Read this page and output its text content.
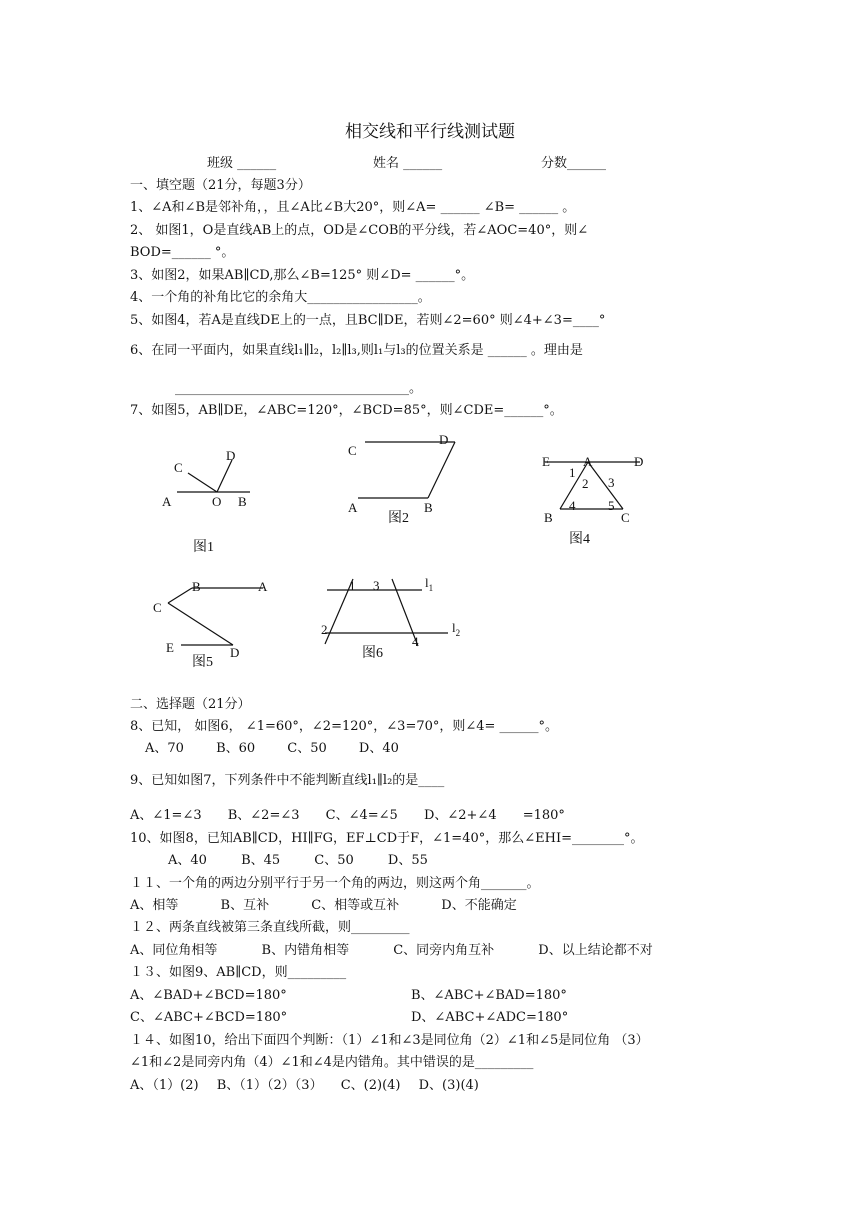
相交线和平行线测试题
班级 ______	姓名 ______	分数______
一、填空题（21分，每题3分）
1、∠A和∠B是邻补角，，且∠A比∠B大20°，则∠A= ______ ∠B= ______ 。
2、 如图1，O是直线AB上的点，OD是∠COB的平分线，若∠AOC=40°，则∠
BOD=______ °。
3、如图2，如果AB∥CD,那么∠B=125° 则∠D= ______°。
4、一个角的补角比它的余角大_________________。
5、如图4，若A是直线DE上的一点，且BC∥DE，若则∠2=60° 则∠4+∠3=____°
6、在同一平面内，如果直线l₁∥l₂，l₂∥l₃,则l₁与l₃的位置关系是 ______ 。理由是
____________________________________。
7、如图5，AB∥DE，∠ABC=120°，∠BCD=85°，则∠CDE=______°。
C
D
A	O B
图1
C
D
A	B
图2
E	A	D
1
2 3
4	5
B	C
图4
B	A
C
E	D
图5
1 3	$l_1$
2
4
$l_2$
图6
二、选择题（21分）
8、已知， 如图6， ∠1=60°，∠2=120°，∠3=70°，则∠4= ______°。
A、70 B、60 C、50 D、40
9、已知如图7，下列条件中不能判断直线l₁∥l₂的是____
A、∠1=∠3 B、∠2=∠3 C、∠4=∠5 D、∠2+∠4 =180°
10、如图8，已知AB∥CD，HI∥FG，EF⊥CD于F，∠1=40°，那么∠EHI=________°。
A、40 B、45 C、50 D、55
１１、一个角的两边分别平行于另一个角的两边，则这两个角_______。
A、相等 B、互补 C、相等或互补 D、不能确定
１２、两条直线被第三条直线所截，则_________
A、同位角相等 B、内错角相等 C、同旁内角互补 D、以上结论都不对
１３、如图9、AB∥CD，则_________
A、∠BAD+∠BCD=180°	B、∠ABC+∠BAD=180°
C、∠ABC+∠BCD=180°	D、∠ABC+∠ADC=180°
１４、如图10，给出下面四个判断：（1）∠1和∠3是同位角（2）∠1和∠5是同位角 （3）
∠1和∠2是同旁内角（4）∠1和∠4是内错角。其中错误的是_________
A、（1）(2) B、（1）（2）（3） C、(2)(4) D、(3)(4)
